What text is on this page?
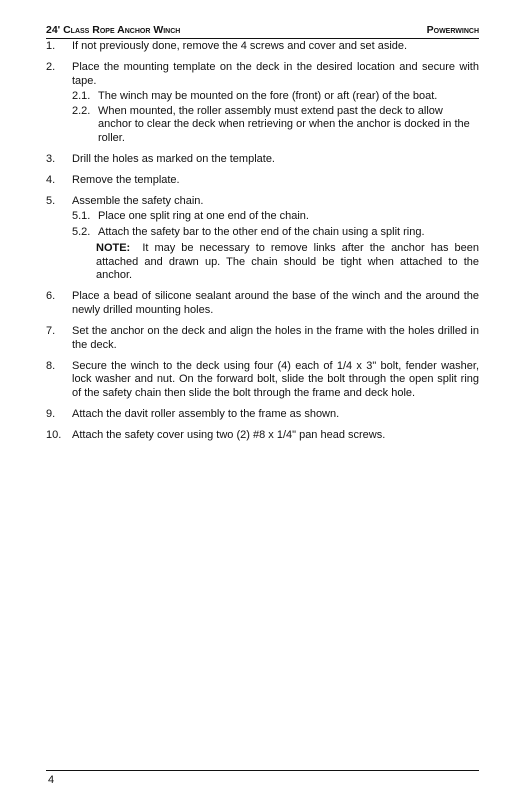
24' Class Rope Anchor Winch	Powerwinch
1.	If not previously done, remove the 4 screws and cover and set aside.
2.	Place the mounting template on the deck in the desired location and secure with tape.
2.1. The winch may be mounted on the fore (front) or aft (rear) of the boat.
2.2. When mounted, the roller assembly must extend past the deck to allow anchor to clear the deck when retrieving or when the anchor is docked in the roller.
3.	Drill the holes as marked on the template.
4.	Remove the template.
5.	Assemble the safety chain.
5.1. Place one split ring at one end of the chain.
5.2. Attach the safety bar to the other end of the chain using a split ring.
NOTE: It may be necessary to remove links after the anchor has been attached and drawn up. The chain should be tight when attached to the anchor.
6.	Place a bead of silicone sealant around the base of the winch and the around the newly drilled mounting holes.
7.	Set the anchor on the deck and align the holes in the frame with the holes drilled in the deck.
8.	Secure the winch to the deck using four (4) each of 1/4 x 3" bolt, fender washer, lock washer and nut. On the forward bolt, slide the bolt through the open split ring of the safety chain then slide the bolt through the frame and deck hole.
9.	Attach the davit roller assembly to the frame as shown.
10. Attach the safety cover using two (2) #8 x 1/4" pan head screws.
4
